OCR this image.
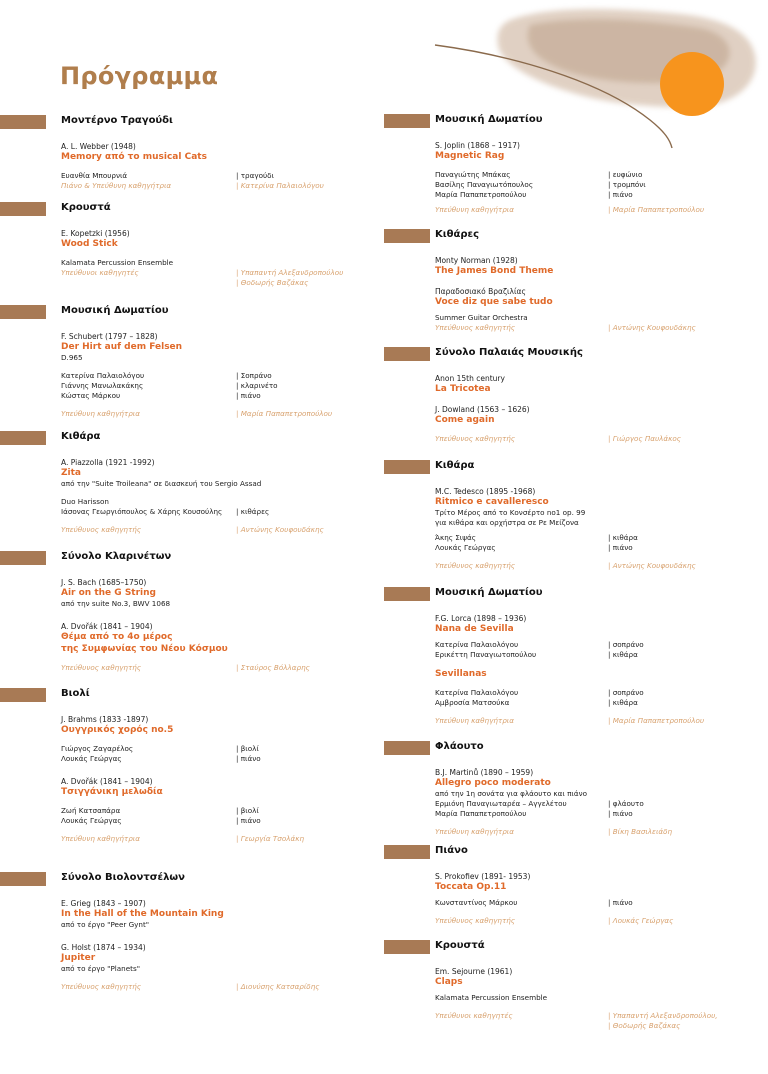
Πρόγραμμα
Μοντέρνο Τραγούδι
A. L. Webber (1948)
Memory από το musical Cats
Ευανθία Μπουρνιά	| τραγούδι
Πιάνο & Υπεύθυνη καθηγήτρια	| Κατερίνα Παλαιολόγου
Κρουστά
E. Kopetzki (1956)
Wood Stick
Kalamata Percussion Ensemble
Υπεύθυνοι καθηγητές	| Υπαπαντή Αλεξανδροπούλου
| Θοδωρής Βαζάκας
Μουσική Δωματίου
F. Schubert (1797 – 1828)
Der Hirt auf dem Felsen
D.965
Κατερίνα Παλαιολόγου	| Σοπράνο
Γιάννης Μανωλακάκης	| κλαρινέτο
Κώστας Μάρκου	| πιάνο
Υπεύθυνη καθηγήτρια	| Μαρία Παπαπετροπούλου
Κιθάρα
A. Piazzolla (1921 -1992)
Zita
από την "Suite Troileana" σε διασκευή του Sergio Assad
Duo Harisson
Ιάσονας Γεωργιόπουλος & Χάρης Κουσούλης | κιθάρες
Υπεύθυνος καθηγητής	| Αντώνης Κουφουδάκης
Σύνολο Κλαρινέτων
J. S. Bach (1685–1750)
Air on the G String
από την suite No.3, BWV 1068
A. Dvořák (1841 – 1904)
Θέμα από το 4ο μέρος
της Συμφωνίας του Νέου Κόσμου
Υπεύθυνος καθηγητής	| Σταύρος Βόλλαρης
Βιολί
J. Brahms (1833 -1897)
Ουγγρικός χορός no.5
Γιώργος Ζαγαρέλος	| βιολί
Λουκάς Γεώργας	| πιάνο
A. Dvořák (1841 – 1904)
Τσιγγάνικη μελωδία
Ζωή Κατσαπάρα	| βιολί
Λουκάς Γεώργας	| πιάνο
Υπεύθυνη καθηγήτρια	| Γεωργία Τσολάκη
Σύνολο Βιολοντσέλων
E. Grieg (1843 – 1907)
In the Hall of the Mountain King
από το έργο "Peer Gynt"
G. Holst (1874 – 1934)
Jupiter
από το έργο "Planets"
Υπεύθυνος καθηγητής	| Διονύσης Κατσαρίδης
Μουσική Δωματίου
S. Joplin (1868 – 1917)
Magnetic Rag
Παναγιώτης Μπάκας	| ευφώνιο
Βασίλης Παναγιωτόπουλος	| τρομπόνι
Μαρία Παπαπετροπούλου	| πιάνο
Υπεύθυνη καθηγήτρια	| Μαρία Παπαπετροπούλου
Κιθάρες
Monty Norman (1928)
The James Bond Theme
Παραδοσιακό Βραζιλίας
Voce diz que sabe tudo
Summer Guitar Orchestra
Υπεύθυνος καθηγητής	| Αντώνης Κουφουδάκης
Σύνολο Παλαιάς Μουσικής
Anon 15th century
La Tricotea
J. Dowland (1563 – 1626)
Come again
Υπεύθυνος καθηγητής	| Γιώργος Παυλάκος
Κιθάρα
M.C. Tedesco (1895 -1968)
Ritmico e cavalleresco
Τρίτο Μέρος από το Κονσέρτο no1 op. 99
για κιθάρα και ορχήστρα σε Ρε Μείζονα
Άκης Σιψάς	| κιθάρα
Λουκάς Γεώργας	| πιάνο
Υπεύθυνος καθηγητής	| Αντώνης Κουφουδάκης
Μουσική Δωματίου
F.G. Lorca (1898 – 1936)
Nana de Sevilla
Κατερίνα Παλαιολόγου	| σοπράνο
Ερικέττη Παναγιωτοπούλου	| κιθάρα
Sevillanas
Κατερίνα Παλαιολόγου	| σοπράνο
Αμβροσία Ματσούκα	| κιθάρα
Υπεύθυνη καθηγήτρια	| Μαρία Παπαπετροπούλου
Φλάουτο
B.J. Martinů (1890 – 1959)
Allegro poco moderato
από την 1η σονάτα για φλάουτο και πιάνο
Ερμιόνη Παναγιωταρέα – Αγγελέτου	| φλάουτο
Μαρία Παπαπετροπούλου	| πιάνο
Υπεύθυνη καθηγήτρια	| Βίκη Βασιλειάδη
Πιάνο
S. Prokofiev (1891- 1953)
Toccata Op.11
Κωνσταντίνος Μάρκου	| πιάνο
Υπεύθυνος καθηγητής	| Λουκάς Γεώργας
Κρουστά
Em. Sejourne (1961)
Claps
Kalamata Percussion Ensemble
Υπεύθυνοι καθηγητές	| Υπαπαντή Αλεξανδροπούλου,
| Θοδωρής Βαζάκας
